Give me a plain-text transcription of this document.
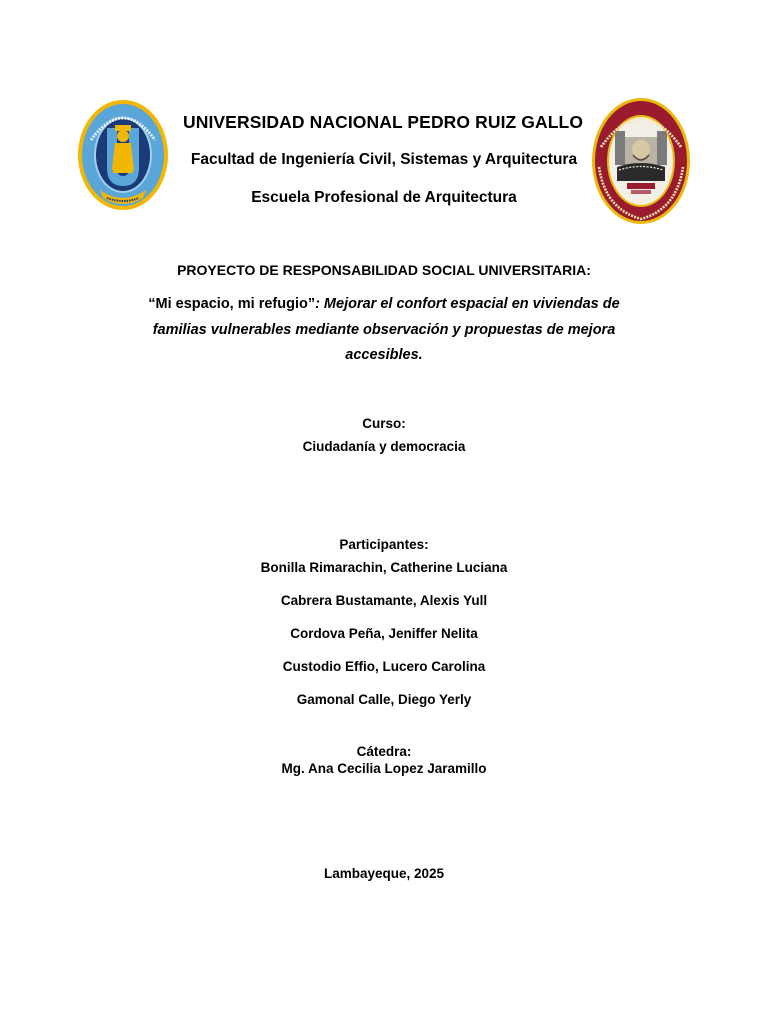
UNIVERSIDAD NACIONAL PEDRO RUIZ GALLO
Facultad de Ingeniería Civil, Sistemas y Arquitectura
Escuela Profesional de Arquitectura
PROYECTO DE RESPONSABILIDAD SOCIAL UNIVERSITARIA:
“Mi espacio, mi refugio”: Mejorar el confort espacial en viviendas de familias vulnerables mediante observación y propuestas de mejora accesibles.
Curso:
Ciudadanía y democracia
Participantes:
Bonilla Rimarachin, Catherine Luciana
Cabrera Bustamante, Alexis Yull
Cordova Peña, Jeniffer Nelita
Custodio Effio, Lucero Carolina
Gamonal Calle, Diego Yerly
Cátedra:
Mg. Ana Cecilia Lopez Jaramillo
Lambayeque, 2025
